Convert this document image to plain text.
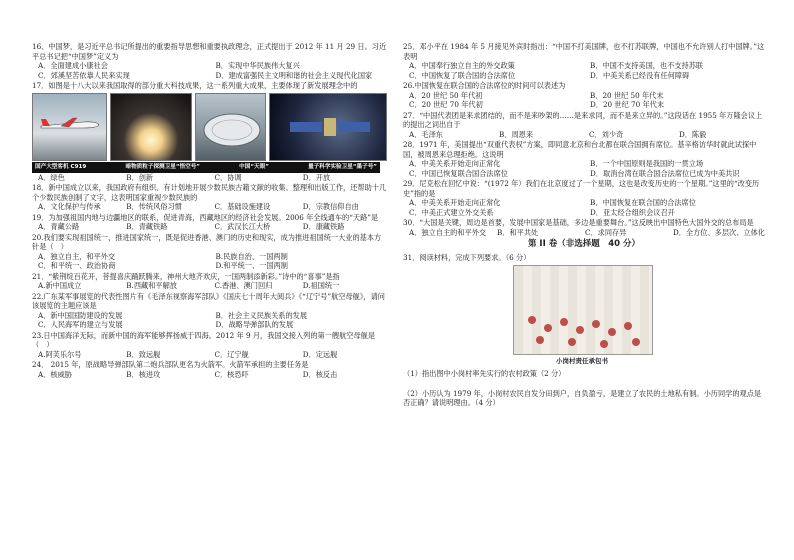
16、中国梦，是习近平总书记所提出的重要指导思想和重要执政理念，正式提出于 2012 年 11 月 29 日。习近平总书记把“中国梦”定义为
A．全面建成小康社会	B．实现中华民族伟大复兴
C．郊溪坚苦依靠人民来实现	D．建成富强民主文明和谐的社会主义现代化国家
17．如图是十八大以来我国取得的部分重大科技成果，这一系列重大成果，主要体现了新发展理念中的
国产大型客机 C919	暗物质粒子探测卫星“悟空号”	中国“天眼”	量子科学实验卫星“墨子号”
A．绿色	B．创新	C．协调	D．开放
18．新中国成立以来，我国政府有组织、有计划地开展少数民族古籍文献的收集、整理和出版工作，还帮助十几个少数民族创制了文字，这表明国家重视少数民族的
A．文化保护与传承	B．传统风俗习惯	C．基础设施建设	D．宗教信仰自由
19．为加强祖国内地与边疆地区的联系，促进青海，西藏地区的经济社会发展。2006 年全线通车的“天路”是
A．青藏公路	B．青藏铁路	C．武汉长江大桥	D．康藏铁路
20.我们要实现祖国统一，推进国家统一，既是促进香港、澳门的历史和现实，成为推进祖国统一大业的基本方针是（　）
A．独立自主，和平外交	B.民族自治、一国两制
C．和平统一、政治协商	D.和平统一、一国两制
21．“紫荆绽百花开，菩提喜庆踊跃腾来，神州大地齐欢庆，一国两制添新彩。”诗中的“喜事”是指
A.新中国成立	B.西藏和平解放	C.香港、澳门回归	D.祖国统一
22.广东某军事展览的代表性图片有《毛泽东视察海军部队》《国庆七十周年大阅兵》《“辽宁号”航空母舰》，请问该展览的主题应该是
A．新中国国防建设的发展	B．社会主义民族关系的发展
C．人民海军的建立与发展	D．战略导弹部队的发展
23.日中国海洋无际，而新中国的海军能够挥扬威于四海。2012 年 9 月，我国交接入列的第一艘航空母舰是（　）
A.阿芙乐尔号	B．致远舰	C．辽宁舰	D．定远舰
24． 2015 年，原战略导弹部队第二炮兵部队更名为火箭军。火箭军承担的主要任务是
A．核威胁	B．核进攻	C．核恐吓	D．核反击
25．邓小平在 1984 年 5 月接见外宾时指出：“中国不打美国牌，也不打苏联牌，中国也不允许别人打中国牌。”这表明
A．中国奉行独立自主的外交政策	B．中国不支持美国，也不支持苏联
C．中国恢复了联合国的合法席位	D．中美关系已经没有任何障碍
26.中国恢复在联合国的合法席位的时间可以表述为
A．20 世纪 50 年代初	B．20 世纪 50 年代末
C．20 世纪 70 年代初	D．20 世纪 70 年代末
27．“中国代表团是来求团结的，而不是来吵架的……是来求同，而不是来立异的。”这段话在 1955 年万隆会议上的提出之词出自于
A．毛泽东	B．周恩来	C．刘少奇	D．陈毅
28．1971 年，美国提出“双重代表权”方案，即同意北京和台北都在联合国拥有席位。基辛格访华时就此试探中国，被周恩来总理拒绝。这说明
A．中美关系开始走向正常化	B．一个中国原则是我国的一贯立场
C．中国已恢复联合国合法席位	D．取消台湾在联合国合法席位已成为中美共识
29．尼克松在回忆中说：“(1972 年）我们在北京度过了一个星期，这也是改变历史的一个星期。”这里的“改变历史”指的是
A．中美关系开始走向正常化	B．中国恢复在联合国的合法席位
C．中美正式建立外交关系	D．亚太经合组织会议召开
30．“大国是关键，周边是首要，发展中国家是基础，多边是重要舞台。”这反映出中国特色大国外交的总布局是
A．独立自主的和平外交	B．和平共处	C．求同存异	D．全方位、多层次、立体化
第 II 卷（非选择题　40 分）
31．阅读材料，完成下列要求。（6 分）
小岗村责任承包书
（1）指出图中小岗村率先实行的农村政策（2 分）
（2）小历认为 1979 年，小岗村农民自发分田到户，自负盈亏，是建立了农民的土地私有制。小历同学的观点是否正确？请说明理由。（4 分）
